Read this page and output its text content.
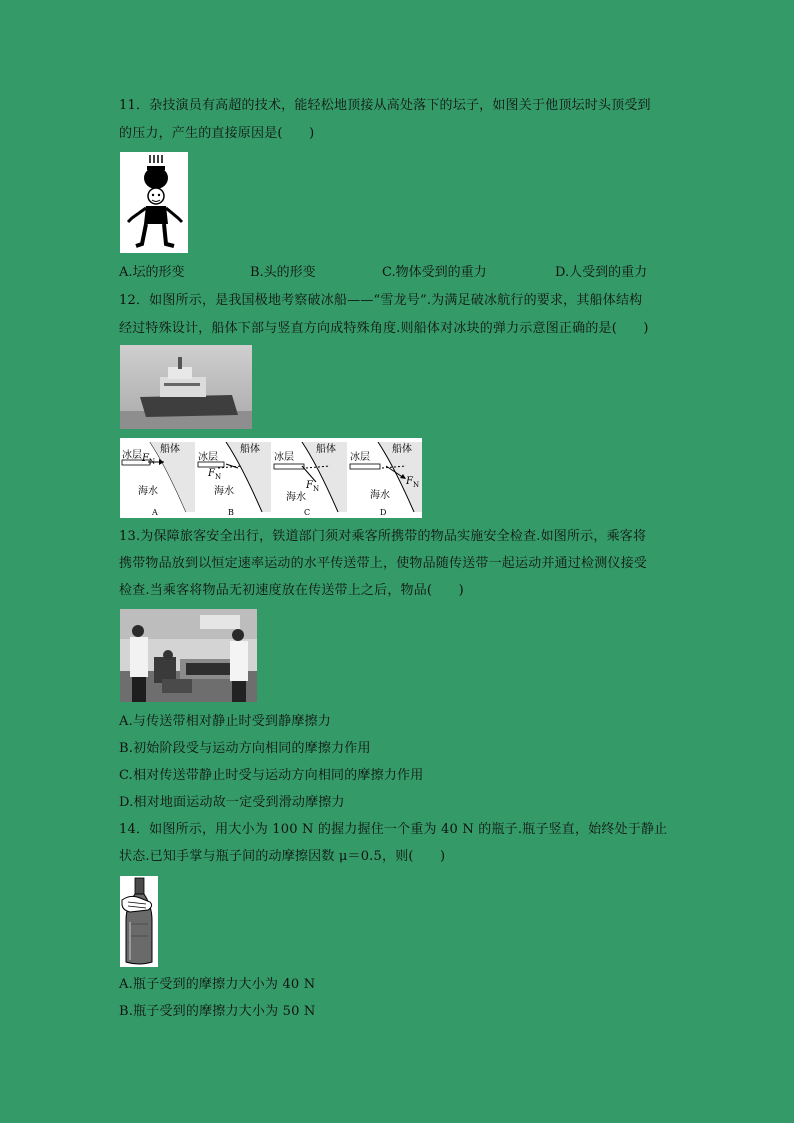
11．杂技演员有高超的技术，能轻松地顶接从高处落下的坛子，如图关于他顶坛时头顶受到
的压力，产生的直接原因是(　　)
A.坛的形变	B.头的形变	C.物体受到的重力	D.人受到的重力
12．如图所示，是我国极地考察破冰船——“雪龙号”.为满足破冰航行的要求，其船体结构
经过特殊设计，船体下部与竖直方向成特殊角度.则船体对冰块的弹力示意图正确的是(　　)
冰层
船体
$F_N$
海水
A
冰层
船体
$F_N$
海水
B
冰层
船体
$F_N$
海水
C
冰层
船体
$F_N$
海水
D
13.为保障旅客安全出行，铁道部门须对乘客所携带的物品实施安全检查.如图所示，乘客将
携带物品放到以恒定速率运动的水平传送带上，使物品随传送带一起运动并通过检测仪接受
检查.当乘客将物品无初速度放在传送带上之后，物品(　　)
A.与传送带相对静止时受到静摩擦力
B.初始阶段受与运动方向相同的摩擦力作用
C.相对传送带静止时受与运动方向相同的摩擦力作用
D.相对地面运动故一定受到滑动摩擦力
14．如图所示，用大小为 100 N 的握力握住一个重为 40 N 的瓶子.瓶子竖直，始终处于静止
状态.已知手掌与瓶子间的动摩擦因数 μ＝0.5，则(　　)
A.瓶子受到的摩擦力大小为 40 N
B.瓶子受到的摩擦力大小为 50 N
